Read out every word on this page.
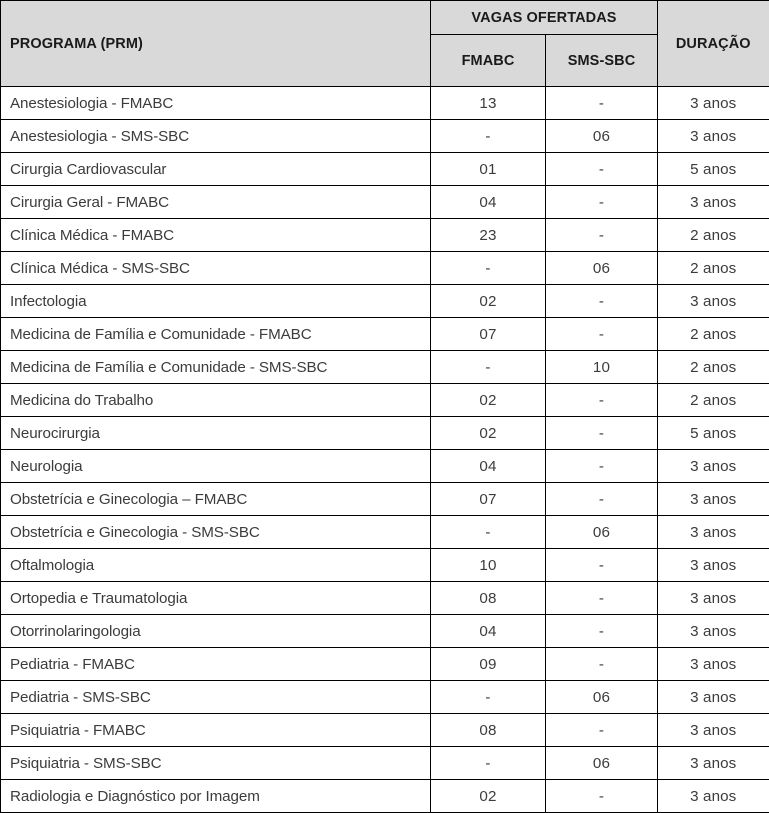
PROGRAMA (PRM)	VAGAS OFERTADAS		DURAÇÃO
	FMABC	SMS-SBC	
Anestesiologia - FMABC	13	-	3 anos
Anestesiologia - SMS-SBC	-	06	3 anos
Cirurgia Cardiovascular	01	-	5 anos
Cirurgia Geral - FMABC	04	-	3 anos
Clínica Médica - FMABC	23	-	2 anos
Clínica Médica - SMS-SBC	-	06	2 anos
Infectologia	02	-	3 anos
Medicina de Família e Comunidade - FMABC	07	-	2 anos
Medicina de Família e Comunidade - SMS-SBC	-	10	2 anos
Medicina do Trabalho	02	-	2 anos
Neurocirurgia	02	-	5 anos
Neurologia	04	-	3 anos
Obstetrícia e Ginecologia – FMABC	07	-	3 anos
Obstetrícia e Ginecologia - SMS-SBC	-	06	3 anos
Oftalmologia	10	-	3 anos
Ortopedia e Traumatologia	08	-	3 anos
Otorrinolaringologia	04	-	3 anos
Pediatria - FMABC	09	-	3 anos
Pediatria - SMS-SBC	-	06	3 anos
Psiquiatria - FMABC	08	-	3 anos
Psiquiatria - SMS-SBC	-	06	3 anos
Radiologia e Diagnóstico por Imagem	02	-	3 anos
